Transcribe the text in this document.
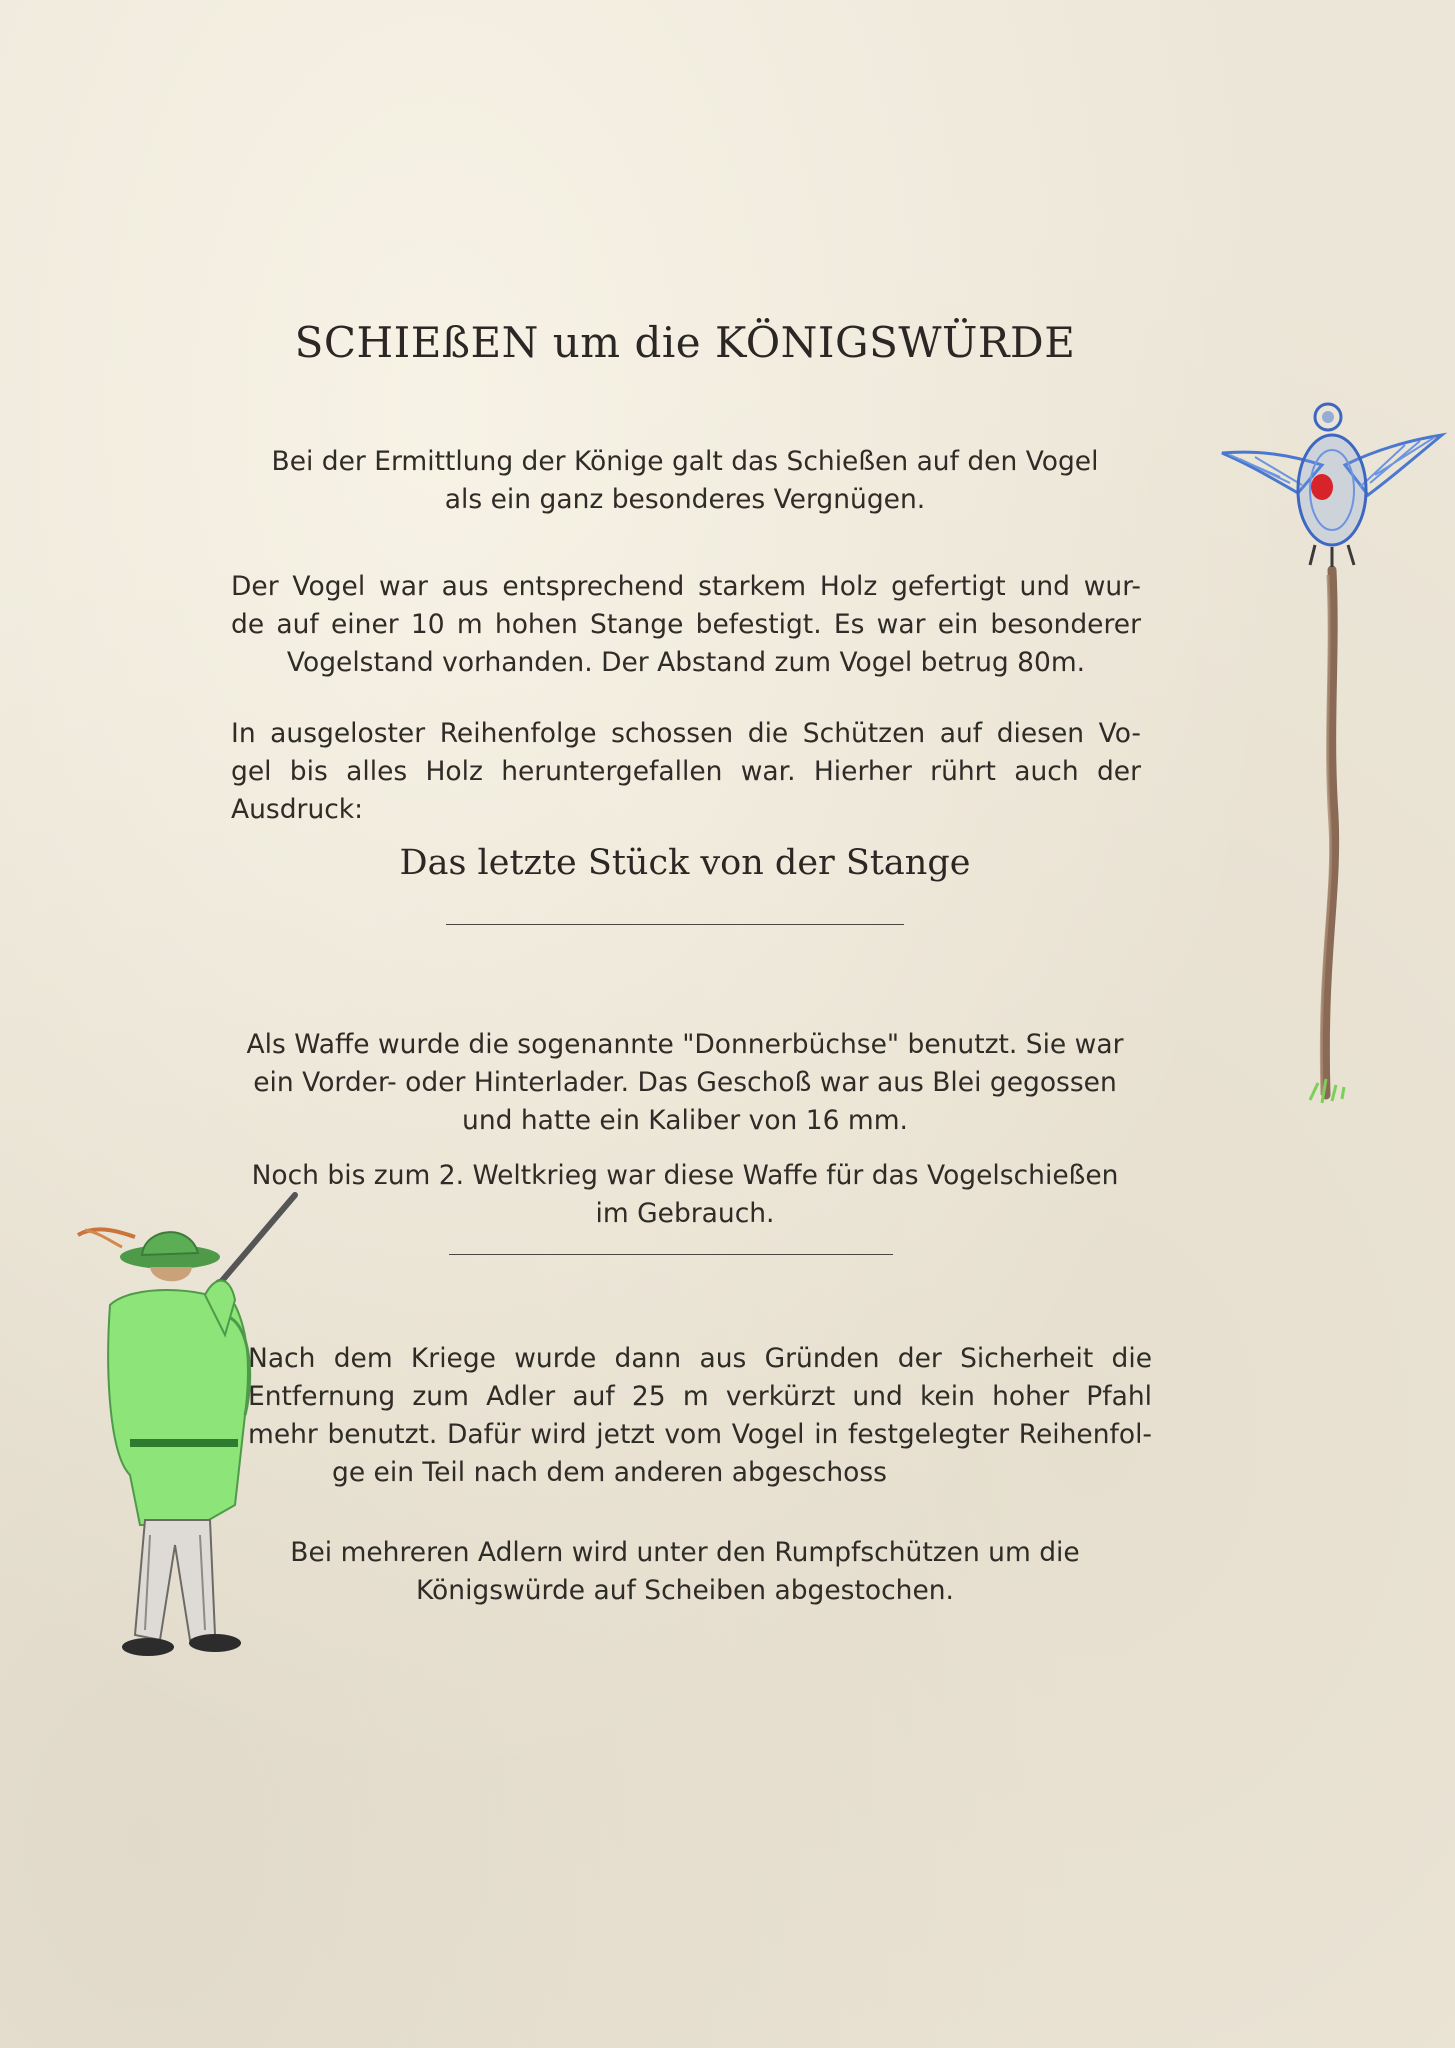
SCHIEßEN um die KÖNIGSWÜRDE

Bei der Ermittlung der Könige galt das Schießen auf den Vogel
als ein ganz besonderes Vergnügen.

Der Vogel war aus entsprechend starkem Holz gefertigt und wur-
de auf einer 10 m hohen Stange befestigt. Es war ein besonderer
Vogelstand vorhanden. Der Abstand zum Vogel betrug 80m.

In ausgeloster Reihenfolge schossen die Schützen auf diesen Vo-
gel bis alles Holz heruntergefallen war. Hierher rührt auch der
Ausdruck:

Das letzte Stück von der Stange

Als Waffe wurde die sogenannte "Donnerbüchse" benutzt. Sie war
ein Vorder- oder Hinterlader. Das Geschoß war aus Blei gegossen
und hatte ein Kaliber von 16 mm.

Noch bis zum 2. Weltkrieg war diese Waffe für das Vogelschießen
im Gebrauch.

Nach dem Kriege wurde dann aus Gründen der Sicherheit die
Entfernung zum Adler auf 25 m verkürzt und kein hoher Pfahl
mehr benutzt. Dafür wird jetzt vom Vogel in festgelegter Reihenfol-
ge ein Teil nach dem anderen abgeschoss

Bei mehreren Adlern wird unter den Rumpfschützen um die
Königswürde auf Scheiben abgestochen.
